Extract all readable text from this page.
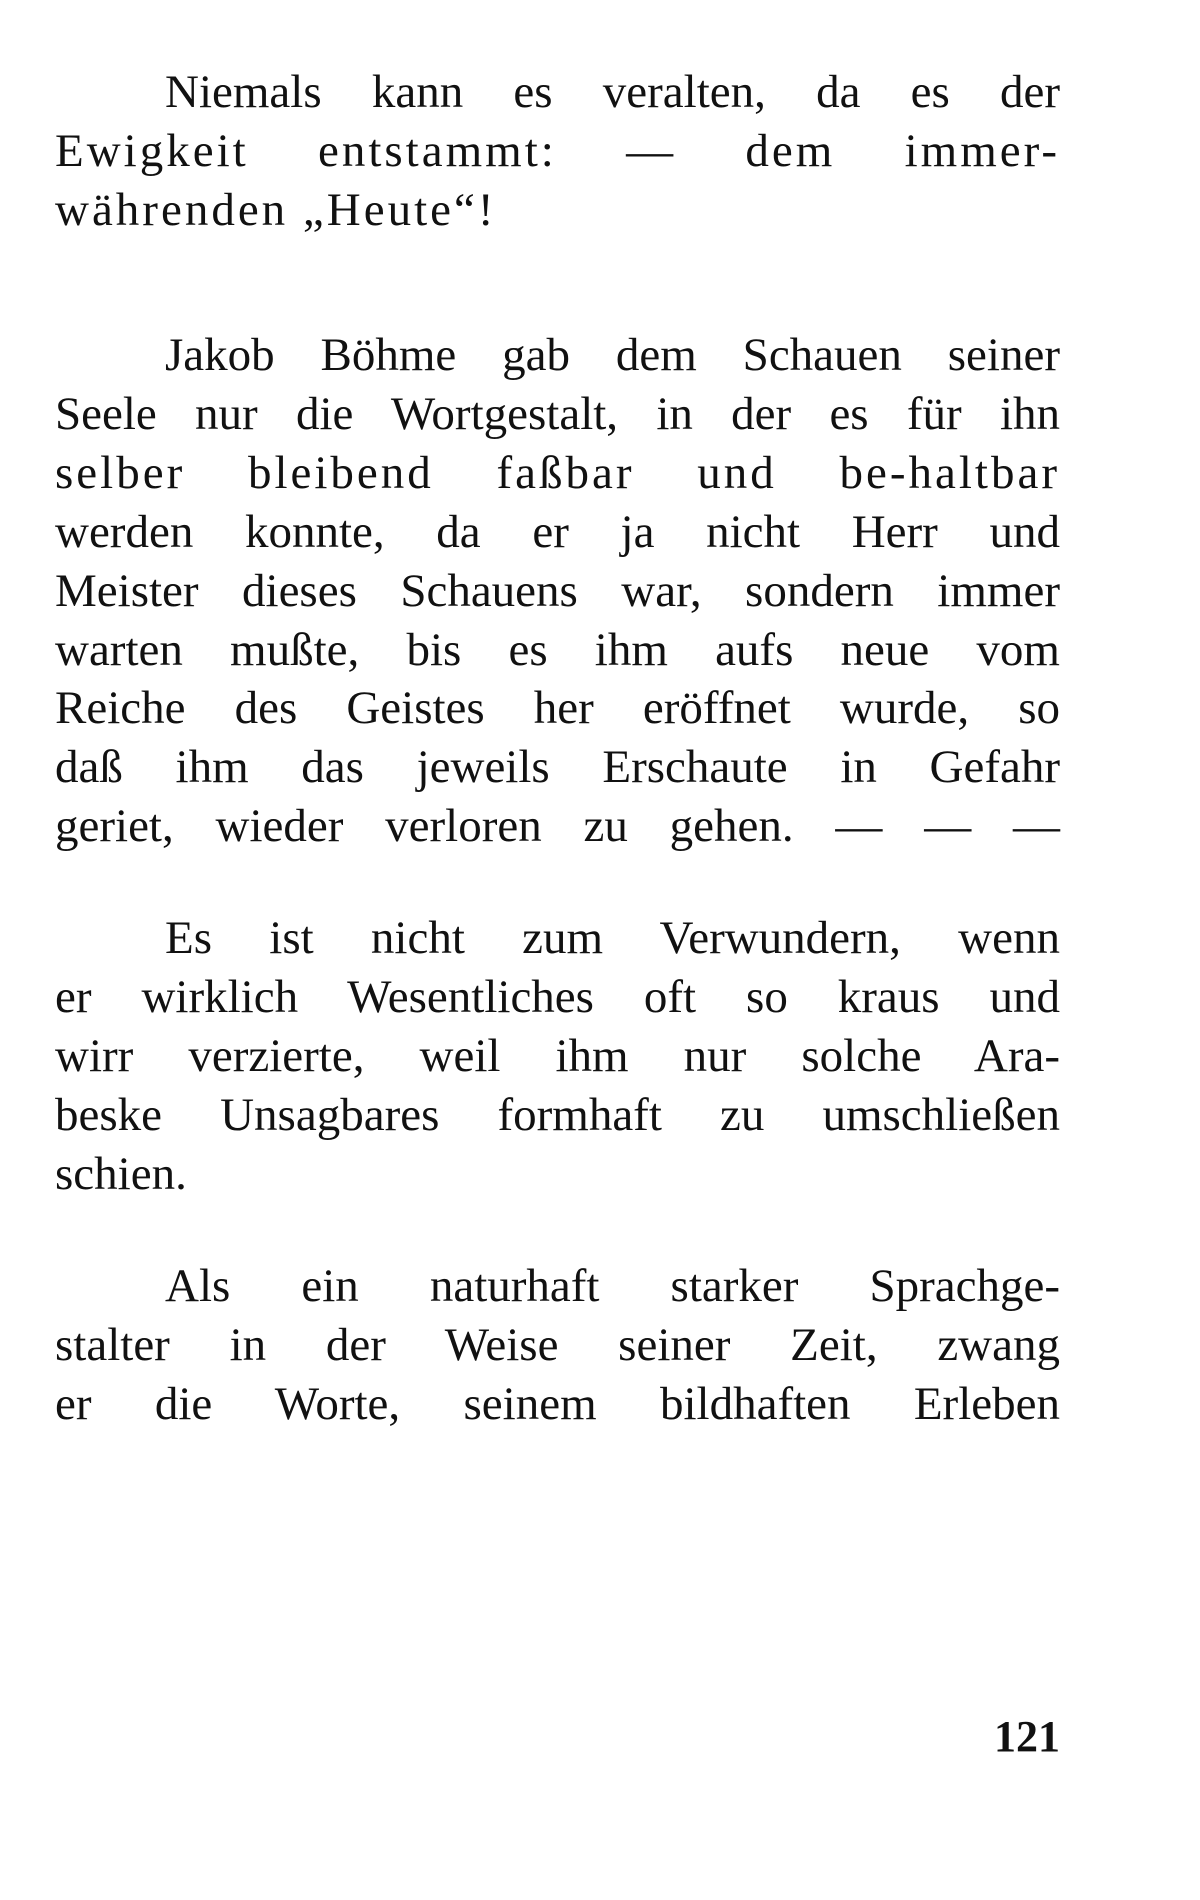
Niemals kann es veralten, da es der
Ewigkeit entstammt: — dem immer-
währenden „Heute“!
Jakob Böhme gab dem Schauen seiner
Seele nur die Wortgestalt, in der es für ihn
selber bleibend faßbar und be-haltbar
werden konnte, da er ja nicht Herr und
Meister dieses Schauens war, sondern immer
warten mußte, bis es ihm aufs neue vom
Reiche des Geistes her eröffnet wurde, so
daß ihm das jeweils Erschaute in Gefahr
geriet, wieder verloren zu gehen. — — —
Es ist nicht zum Verwundern, wenn
er wirklich Wesentliches oft so kraus und
wirr verzierte, weil ihm nur solche Ara-
beske Unsagbares formhaft zu umschließen
schien.
Als ein naturhaft starker Sprachge-
stalter in der Weise seiner Zeit, zwang
er die Worte, seinem bildhaften Erleben
121
